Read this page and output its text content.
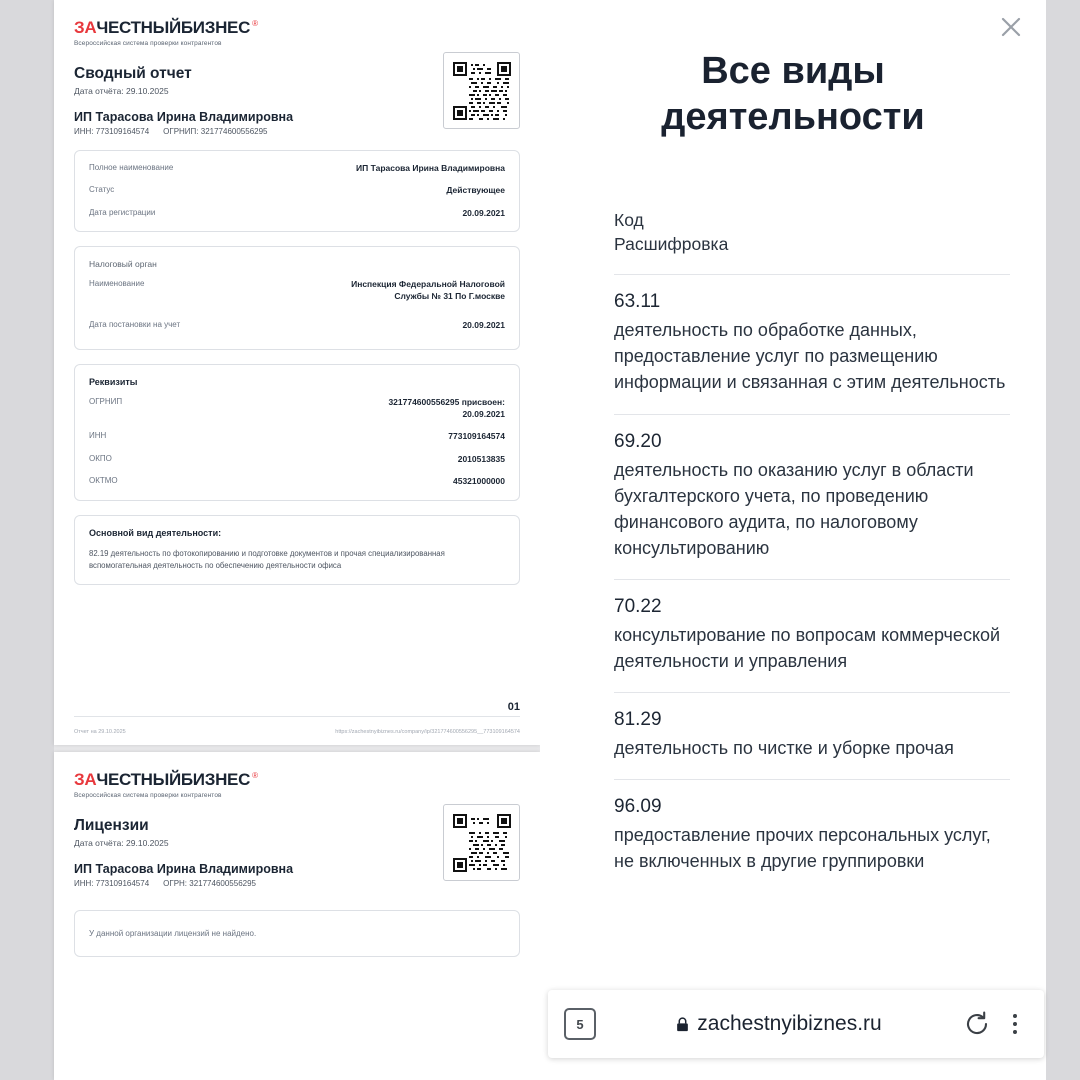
ЗА ЧЕСТНЫЙБИЗНЕС ®
Всероссийская система проверки контрагентов
Сводный отчет
Дата отчёта: 29.10.2025
ИП Тарасова Ирина Владимировна
ИНН: 773109164574 ОГРНИП: 321774600556295
Полное наименование	ИП Тарасова Ирина Владимировна
Статус	Действующее
Дата регистрации	20.09.2021
Налоговый орган
Наименование	Инспекция Федеральной Налоговой Службы № 31 По Г.москве
Дата постановки на учет	20.09.2021
Реквизиты
ОГРНИП	321774600556295 присвоен: 20.09.2021
ИНН	773109164574
ОКПО	2010513835
ОКТМО	45321000000
Основной вид деятельности:
82.19 деятельность по фотокопированию и подготовке документов и прочая специализированная вспомогательная деятельность по обеспечению деятельности офиса
01
Отчет на 29.10.2025	https://zachestnyibiznes.ru/company/ip/321774600556295__773109164574
ЗА ЧЕСТНЫЙБИЗНЕС ®
Всероссийская система проверки контрагентов
Лицензии
Дата отчёта: 29.10.2025
ИП Тарасова Ирина Владимировна
ИНН: 773109164574 ОГРН: 321774600556295
У данной организации лицензий не найдено.
Все виды деятельности
Код
Расшифровка
63.11
деятельность по обработке данных, предоставление услуг по размещению информации и связанная с этим деятельность
69.20
деятельность по оказанию услуг в области бухгалтерского учета, по проведению финансового аудита, по налоговому консультированию
70.22
консультирование по вопросам коммерческой деятельности и управления
81.29
деятельность по чистке и уборке прочая
96.09
предоставление прочих персональных услуг, не включенных в другие группировки
5	zachestnyibiznes.ru
